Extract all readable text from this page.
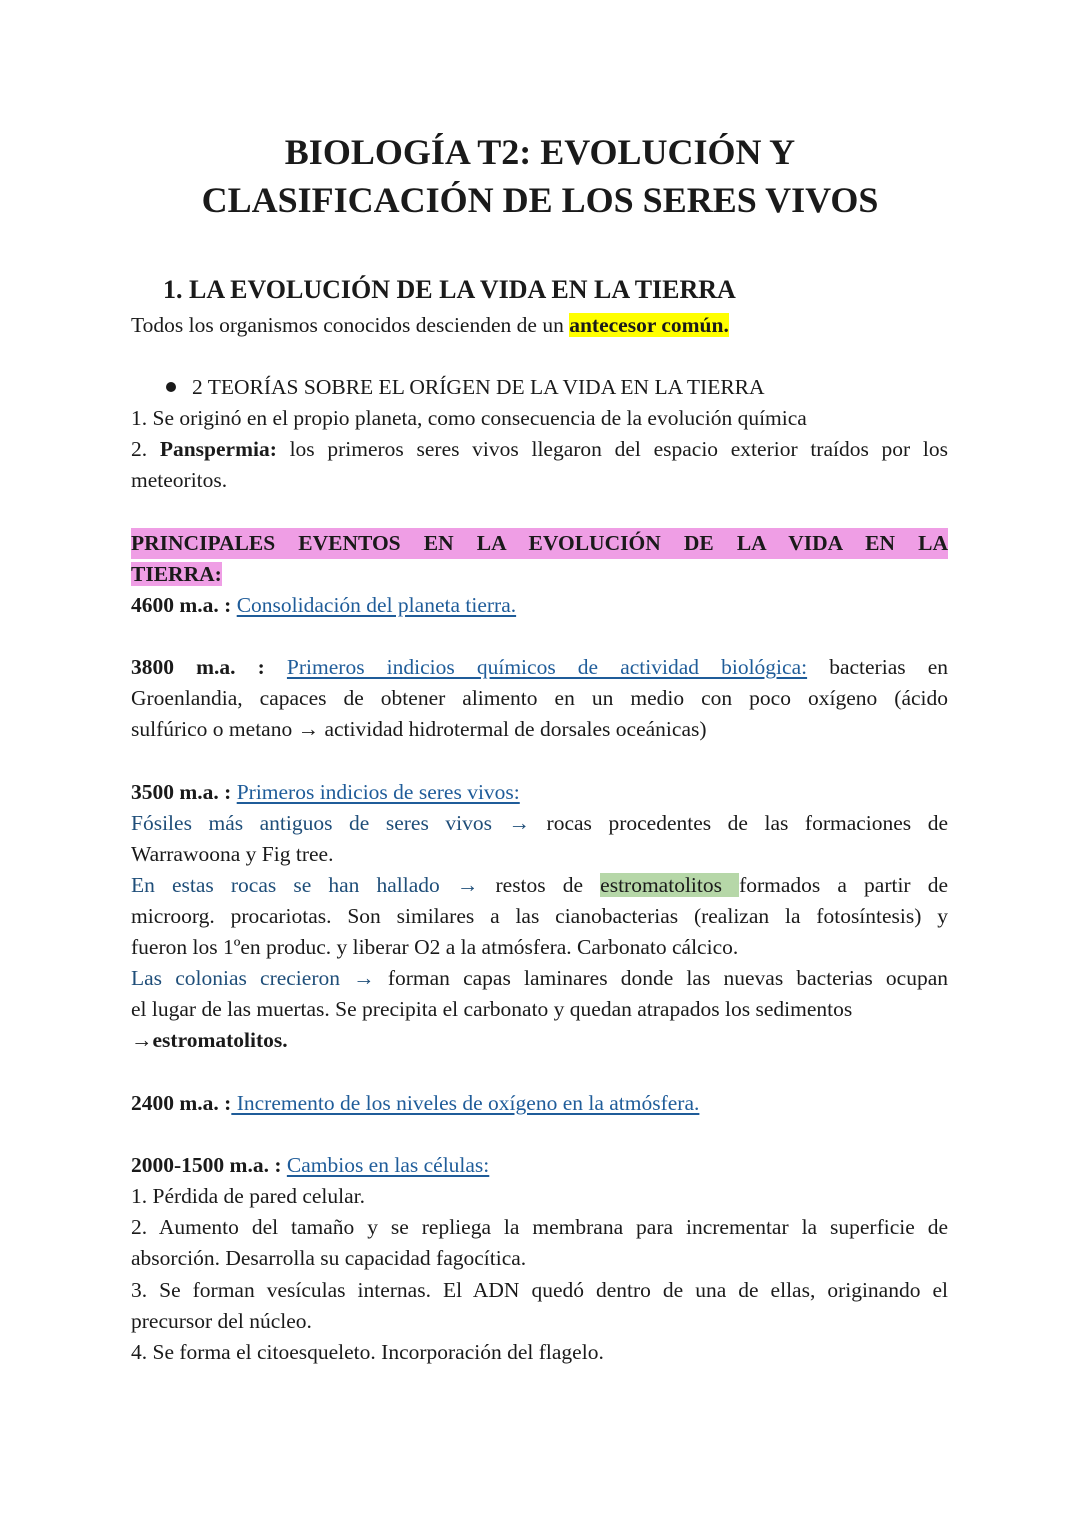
BIOLOGÍA T2: EVOLUCIÓN Y
CLASIFICACIÓN DE LOS SERES VIVOS
1. LA EVOLUCIÓN DE LA VIDA EN LA TIERRA
Todos los organismos conocidos descienden de un antecesor común.
2 TEORÍAS SOBRE EL ORÍGEN DE LA VIDA EN LA TIERRA
1. Se originó en el propio planeta, como consecuencia de la evolución química
2. Panspermia: los primeros seres vivos llegaron del espacio exterior traídos por los
meteoritos.
PRINCIPALES EVENTOS EN LA EVOLUCIÓN DE LA VIDA EN LA
TIERRA:
4600 m.a. : Consolidación del planeta tierra.
3800 m.a. : Primeros indicios químicos de actividad biológica: bacterias en
Groenlandia, capaces de obtener alimento en un medio con poco oxígeno (ácido
sulfúrico o metano → actividad hidrotermal de dorsales oceánicas)
3500 m.a. : Primeros indicios de seres vivos:
Fósiles más antiguos de seres vivos → rocas procedentes de las formaciones de
Warrawoona y Fig tree.
En estas rocas se han hallado → restos de estromatolitos formados a partir de
microorg. procariotas. Son similares a las cianobacterias (realizan la fotosíntesis) y
fueron los 1ºen produc. y liberar O2 a la atmósfera. Carbonato cálcico.
Las colonias crecieron → forman capas laminares donde las nuevas bacterias ocupan
el lugar de las muertas. Se precipita el carbonato y quedan atrapados los sedimentos
→estromatolitos.
2400 m.a. : Incremento de los niveles de oxígeno en la atmósfera.
2000-1500 m.a. : Cambios en las células:
1. Pérdida de pared celular.
2. Aumento del tamaño y se repliega la membrana para incrementar la superficie de
absorción. Desarrolla su capacidad fagocítica.
3. Se forman vesículas internas. El ADN quedó dentro de una de ellas, originando el
precursor del núcleo.
4. Se forma el citoesqueleto. Incorporación del flagelo.
